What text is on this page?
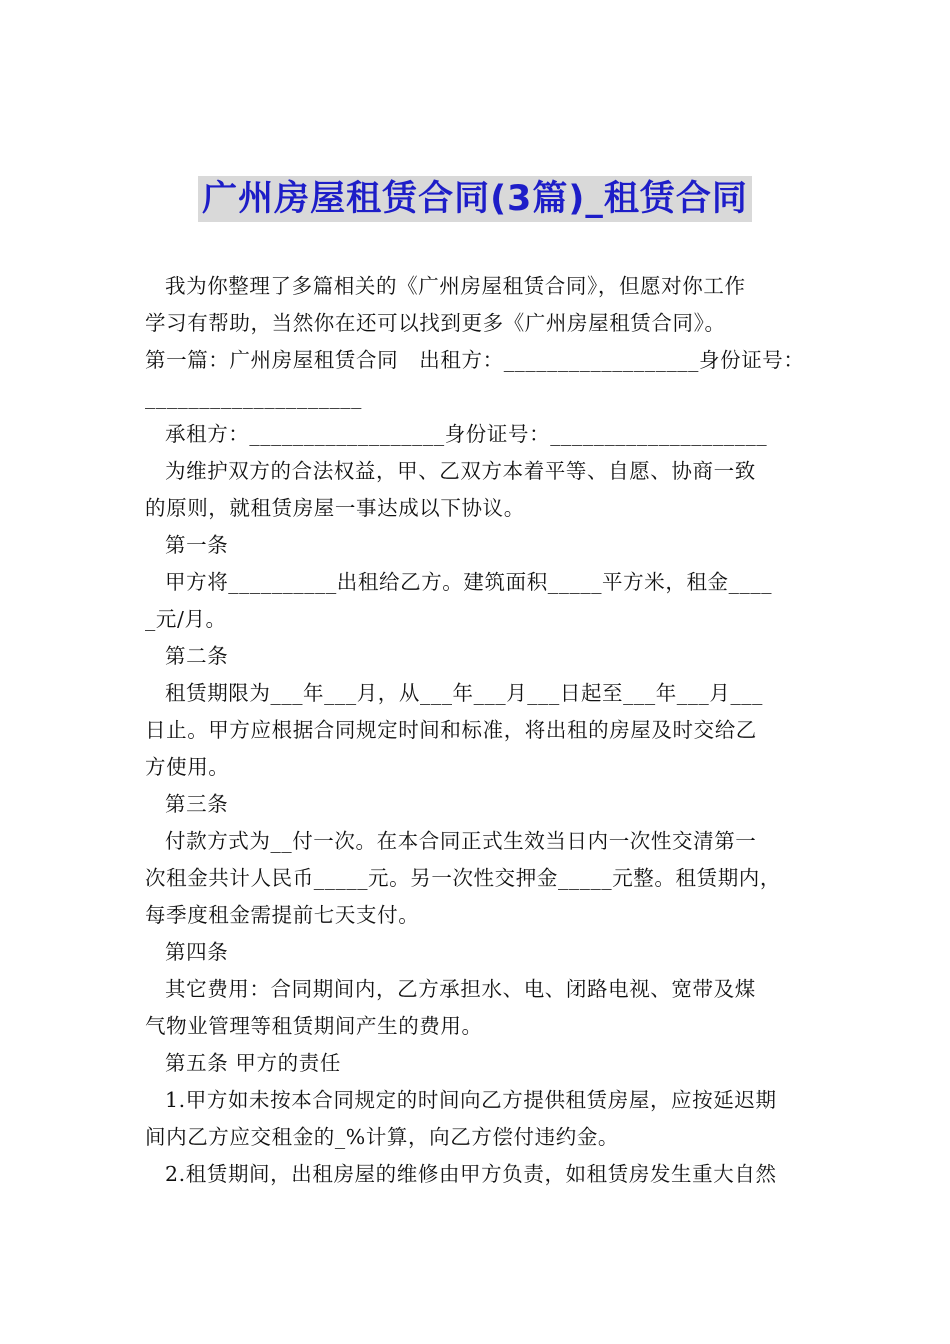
广州房屋租赁合同(3篇)_租赁合同
我为你整理了多篇相关的《广州房屋租赁合同》，但愿对你工作
学习有帮助，当然你在还可以找到更多《广州房屋租赁合同》。
第一篇：广州房屋租赁合同　出租方：__________________身份证号：
____________________
承租方：__________________身份证号：____________________
为维护双方的合法权益，甲、乙双方本着平等、自愿、协商一致
的原则，就租赁房屋一事达成以下协议。
第一条
甲方将__________出租给乙方。建筑面积_____平方米，租金____
_元/月。
第二条
租赁期限为___年___月，从___年___月___日起至___年___月___
日止。甲方应根据合同规定时间和标准，将出租的房屋及时交给乙
方使用。
第三条
付款方式为__付一次。在本合同正式生效当日内一次性交清第一
次租金共计人民币_____元。另一次性交押金_____元整。租赁期内，
每季度租金需提前七天支付。
第四条
其它费用：合同期间内，乙方承担水、电、闭路电视、宽带及煤
气物业管理等租赁期间产生的费用。
第五条 甲方的责任
1.甲方如未按本合同规定的时间向乙方提供租赁房屋，应按延迟期
间内乙方应交租金的_%计算，向乙方偿付违约金。
2.租赁期间，出租房屋的维修由甲方负责，如租赁房发生重大自然
